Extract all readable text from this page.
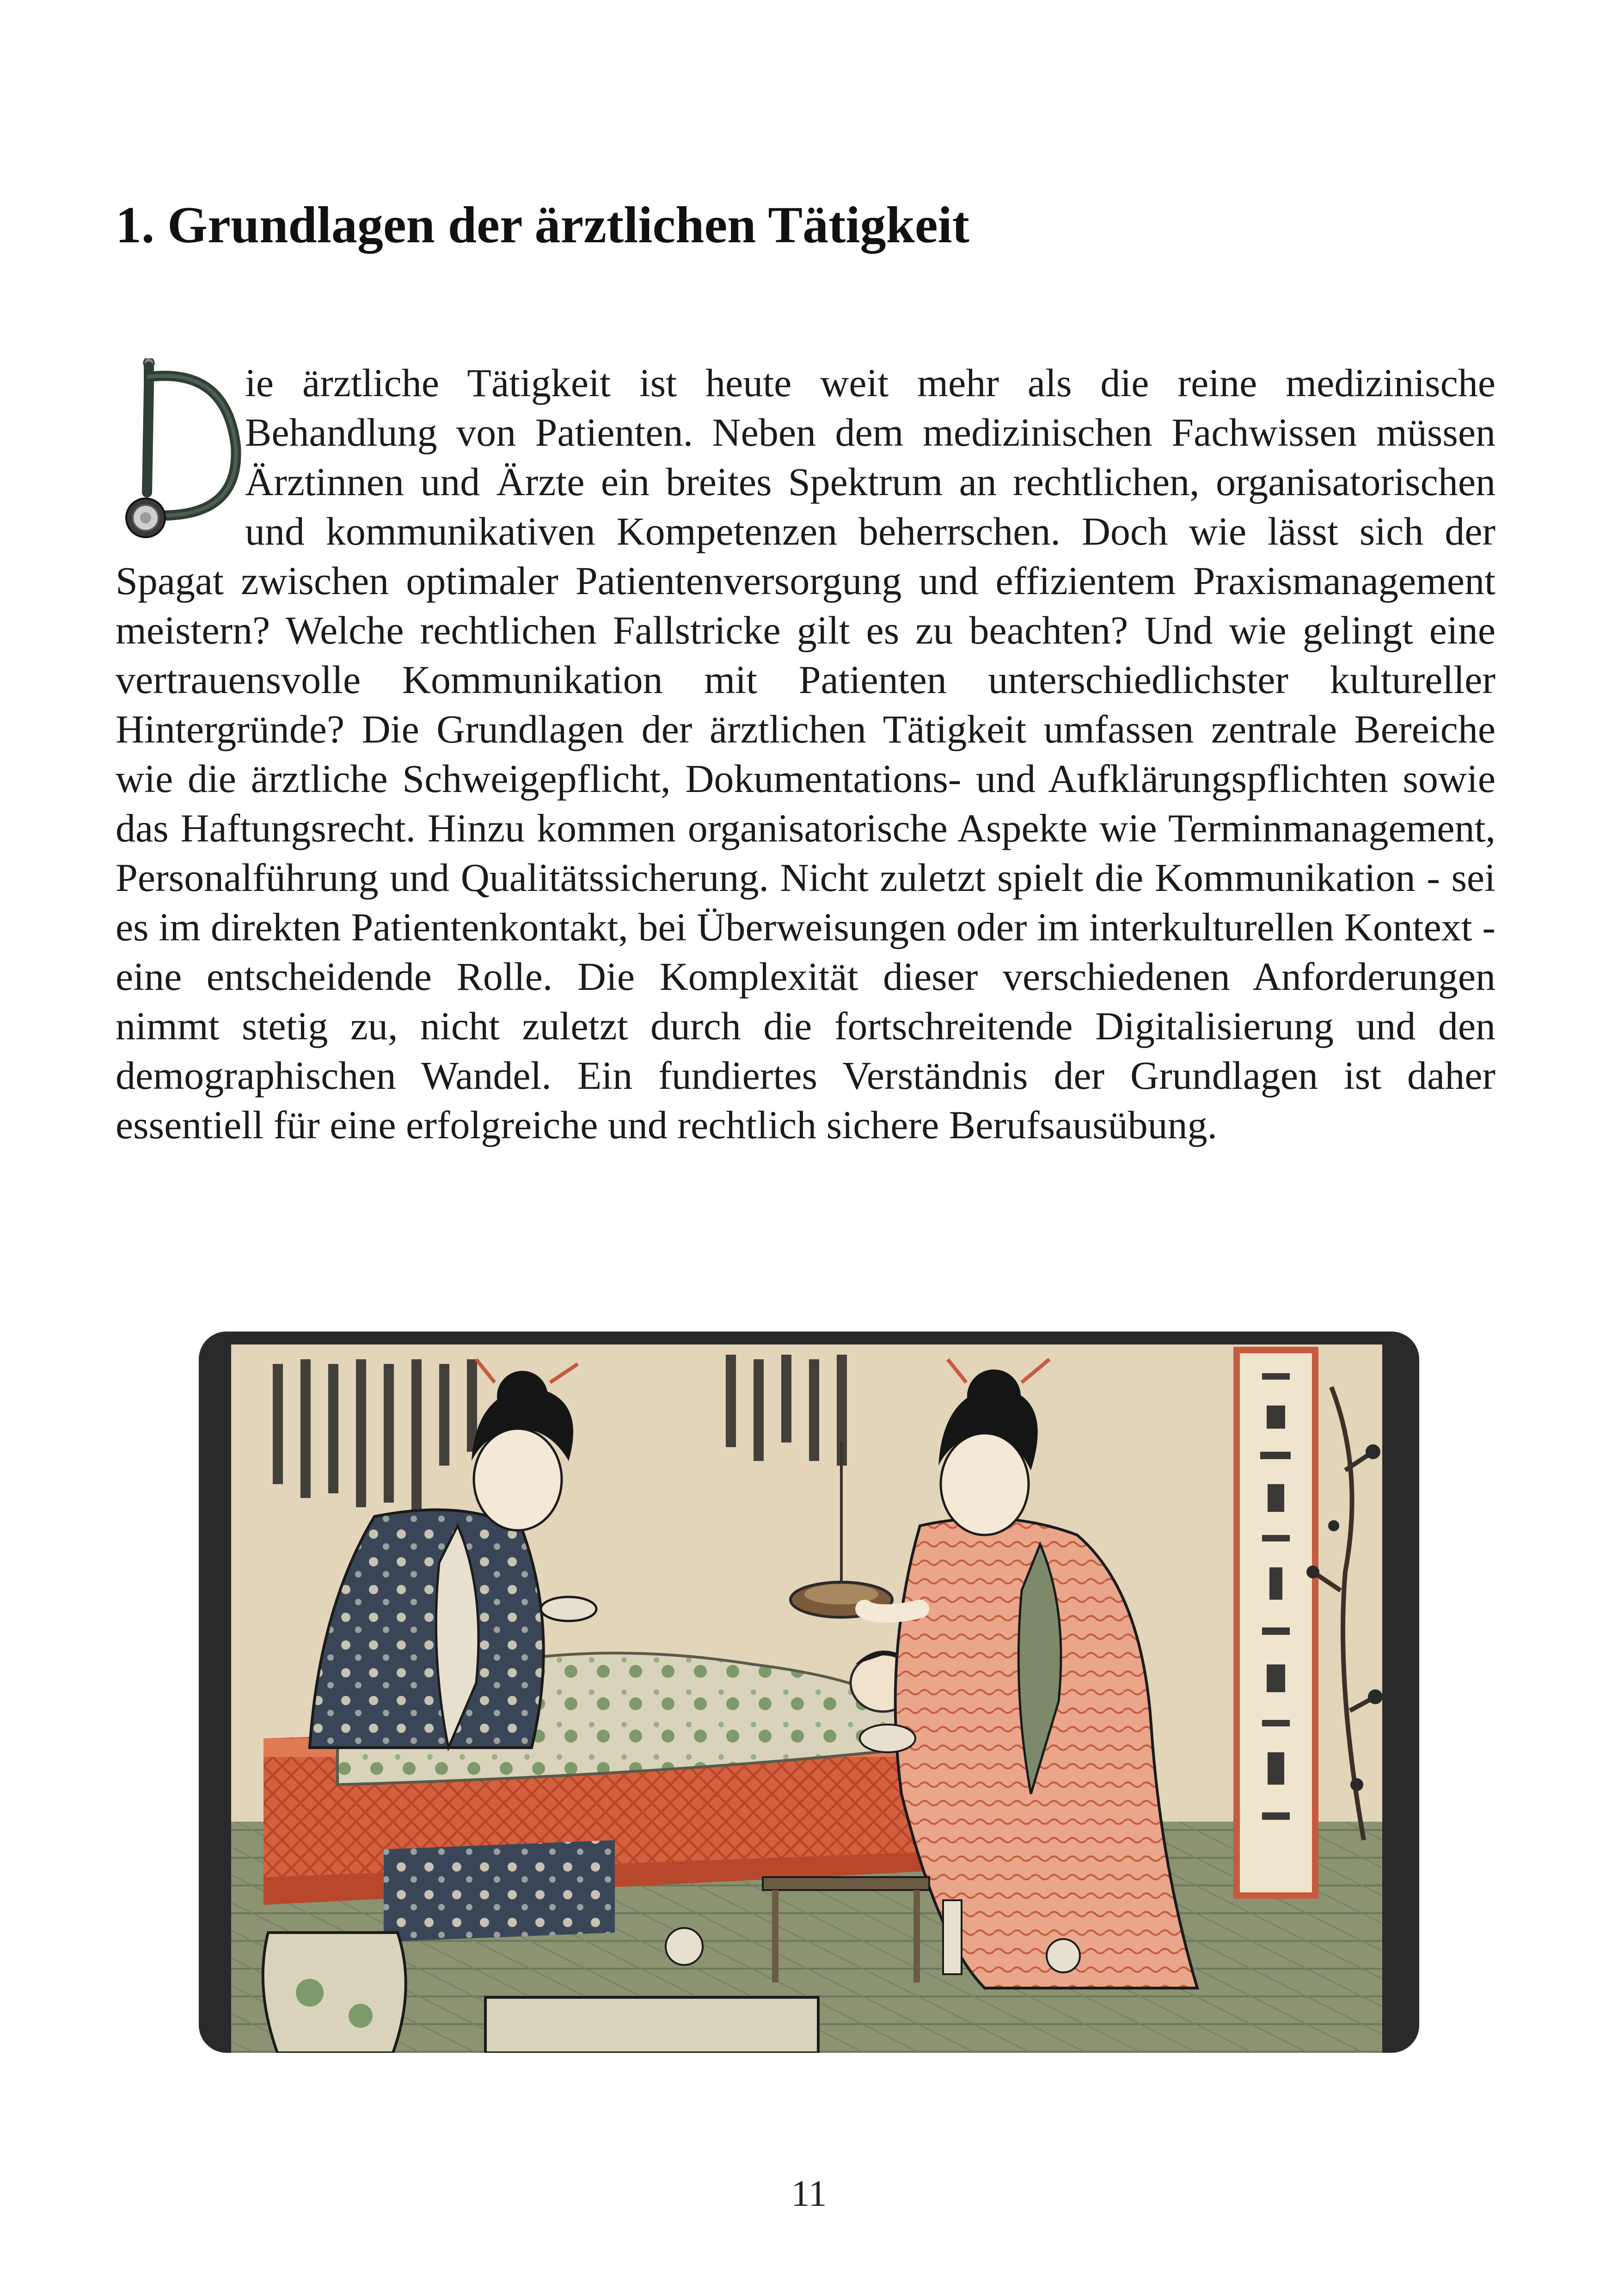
1. Grundlagen der ärztlichen Tätigkeit
ie ärztliche Tätigkeit ist heute weit mehr als die reine medizinische Behandlung von Patienten. Neben dem medizinischen Fachwissen müssen Ärztinnen und Ärzte ein breites Spektrum an rechtlichen, organisatorischen und kommunikativen Kompetenzen beherrschen. Doch wie lässt sich der Spagat zwischen optimaler Patientenversorgung und effizientem Praxismanagement meistern? Welche rechtlichen Fallstricke gilt es zu beachten? Und wie gelingt eine vertrauensvolle Kommunikation mit Patienten unterschiedlichster kultureller Hintergründe? Die Grundlagen der ärztlichen Tätigkeit umfassen zentrale Bereiche wie die ärztliche Schweigepflicht, Dokumentations- und Aufklärungspflichten sowie das Haftungsrecht. Hinzu kommen organisatorische Aspekte wie Terminmanagement, Personalführung und Qualitätssicherung. Nicht zuletzt spielt die Kommunikation - sei es im direkten Patientenkontakt, bei Überweisungen oder im interkulturellen Kontext - eine entscheidende Rolle. Die Komplexität dieser verschiedenen Anforderungen nimmt stetig zu, nicht zuletzt durch die fortschreitende Digitalisierung und den demographischen Wandel. Ein fundiertes Verständnis der Grundlagen ist daher essentiell für eine erfolgreiche und rechtlich sichere Berufsausübung.
11
